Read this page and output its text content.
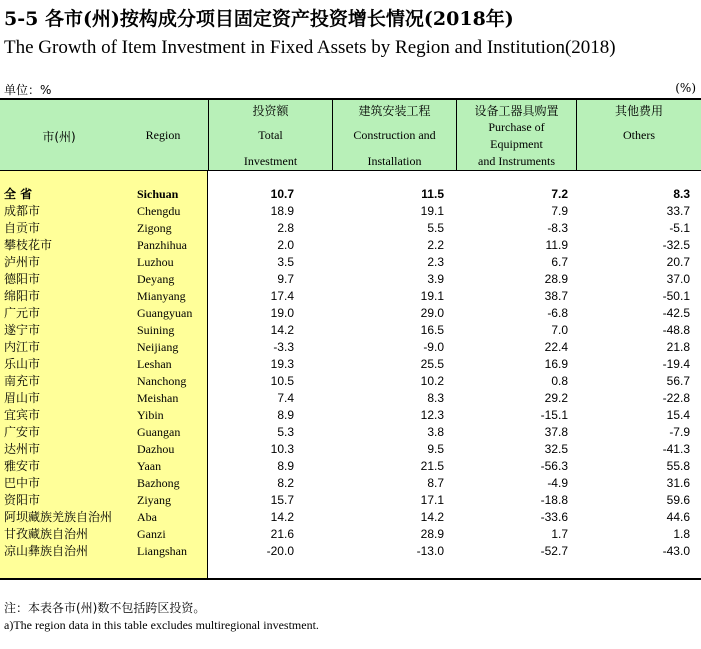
5-5 各市(州)按构成分项目固定资产投资增长情况(2018年)
The Growth of Item Investment in Fixed Assets by Region and Institution(2018)
单位：%	(%)
市(州)	Region
投资额
Total
Investment
建筑安装工程
Construction and
Installation
设备工器具购置
Purchase of
Equipment
and Instruments
其他费用
Others
全 省	Sichuan	10.7	11.5	7.2	8.3
成都市	Chengdu	18.9	19.1	7.9	33.7
自贡市	Zigong	2.8	5.5	-8.3	-5.1
攀枝花市	Panzhihua	2.0	2.2	11.9	-32.5
泸州市	Luzhou	3.5	2.3	6.7	20.7
德阳市	Deyang	9.7	3.9	28.9	37.0
绵阳市	Mianyang	17.4	19.1	38.7	-50.1
广元市	Guangyuan	19.0	29.0	-6.8	-42.5
遂宁市	Suining	14.2	16.5	7.0	-48.8
内江市	Neijiang	-3.3	-9.0	22.4	21.8
乐山市	Leshan	19.3	25.5	16.9	-19.4
南充市	Nanchong	10.5	10.2	0.8	56.7
眉山市	Meishan	7.4	8.3	29.2	-22.8
宜宾市	Yibin	8.9	12.3	-15.1	15.4
广安市	Guangan	5.3	3.8	37.8	-7.9
达州市	Dazhou	10.3	9.5	32.5	-41.3
雅安市	Yaan	8.9	21.5	-56.3	55.8
巴中市	Bazhong	8.2	8.7	-4.9	31.6
资阳市	Ziyang	15.7	17.1	-18.8	59.6
阿坝藏族羌族自治州 Aba	14.2	14.2	-33.6	44.6
甘孜藏族自治州	Ganzi	21.6	28.9	1.7	1.8
凉山彝族自治州	Liangshan	-20.0	-13.0	-52.7	-43.0
注：本表各市(州)数不包括跨区投资。
a)The region data in this table excludes multiregional investment.
